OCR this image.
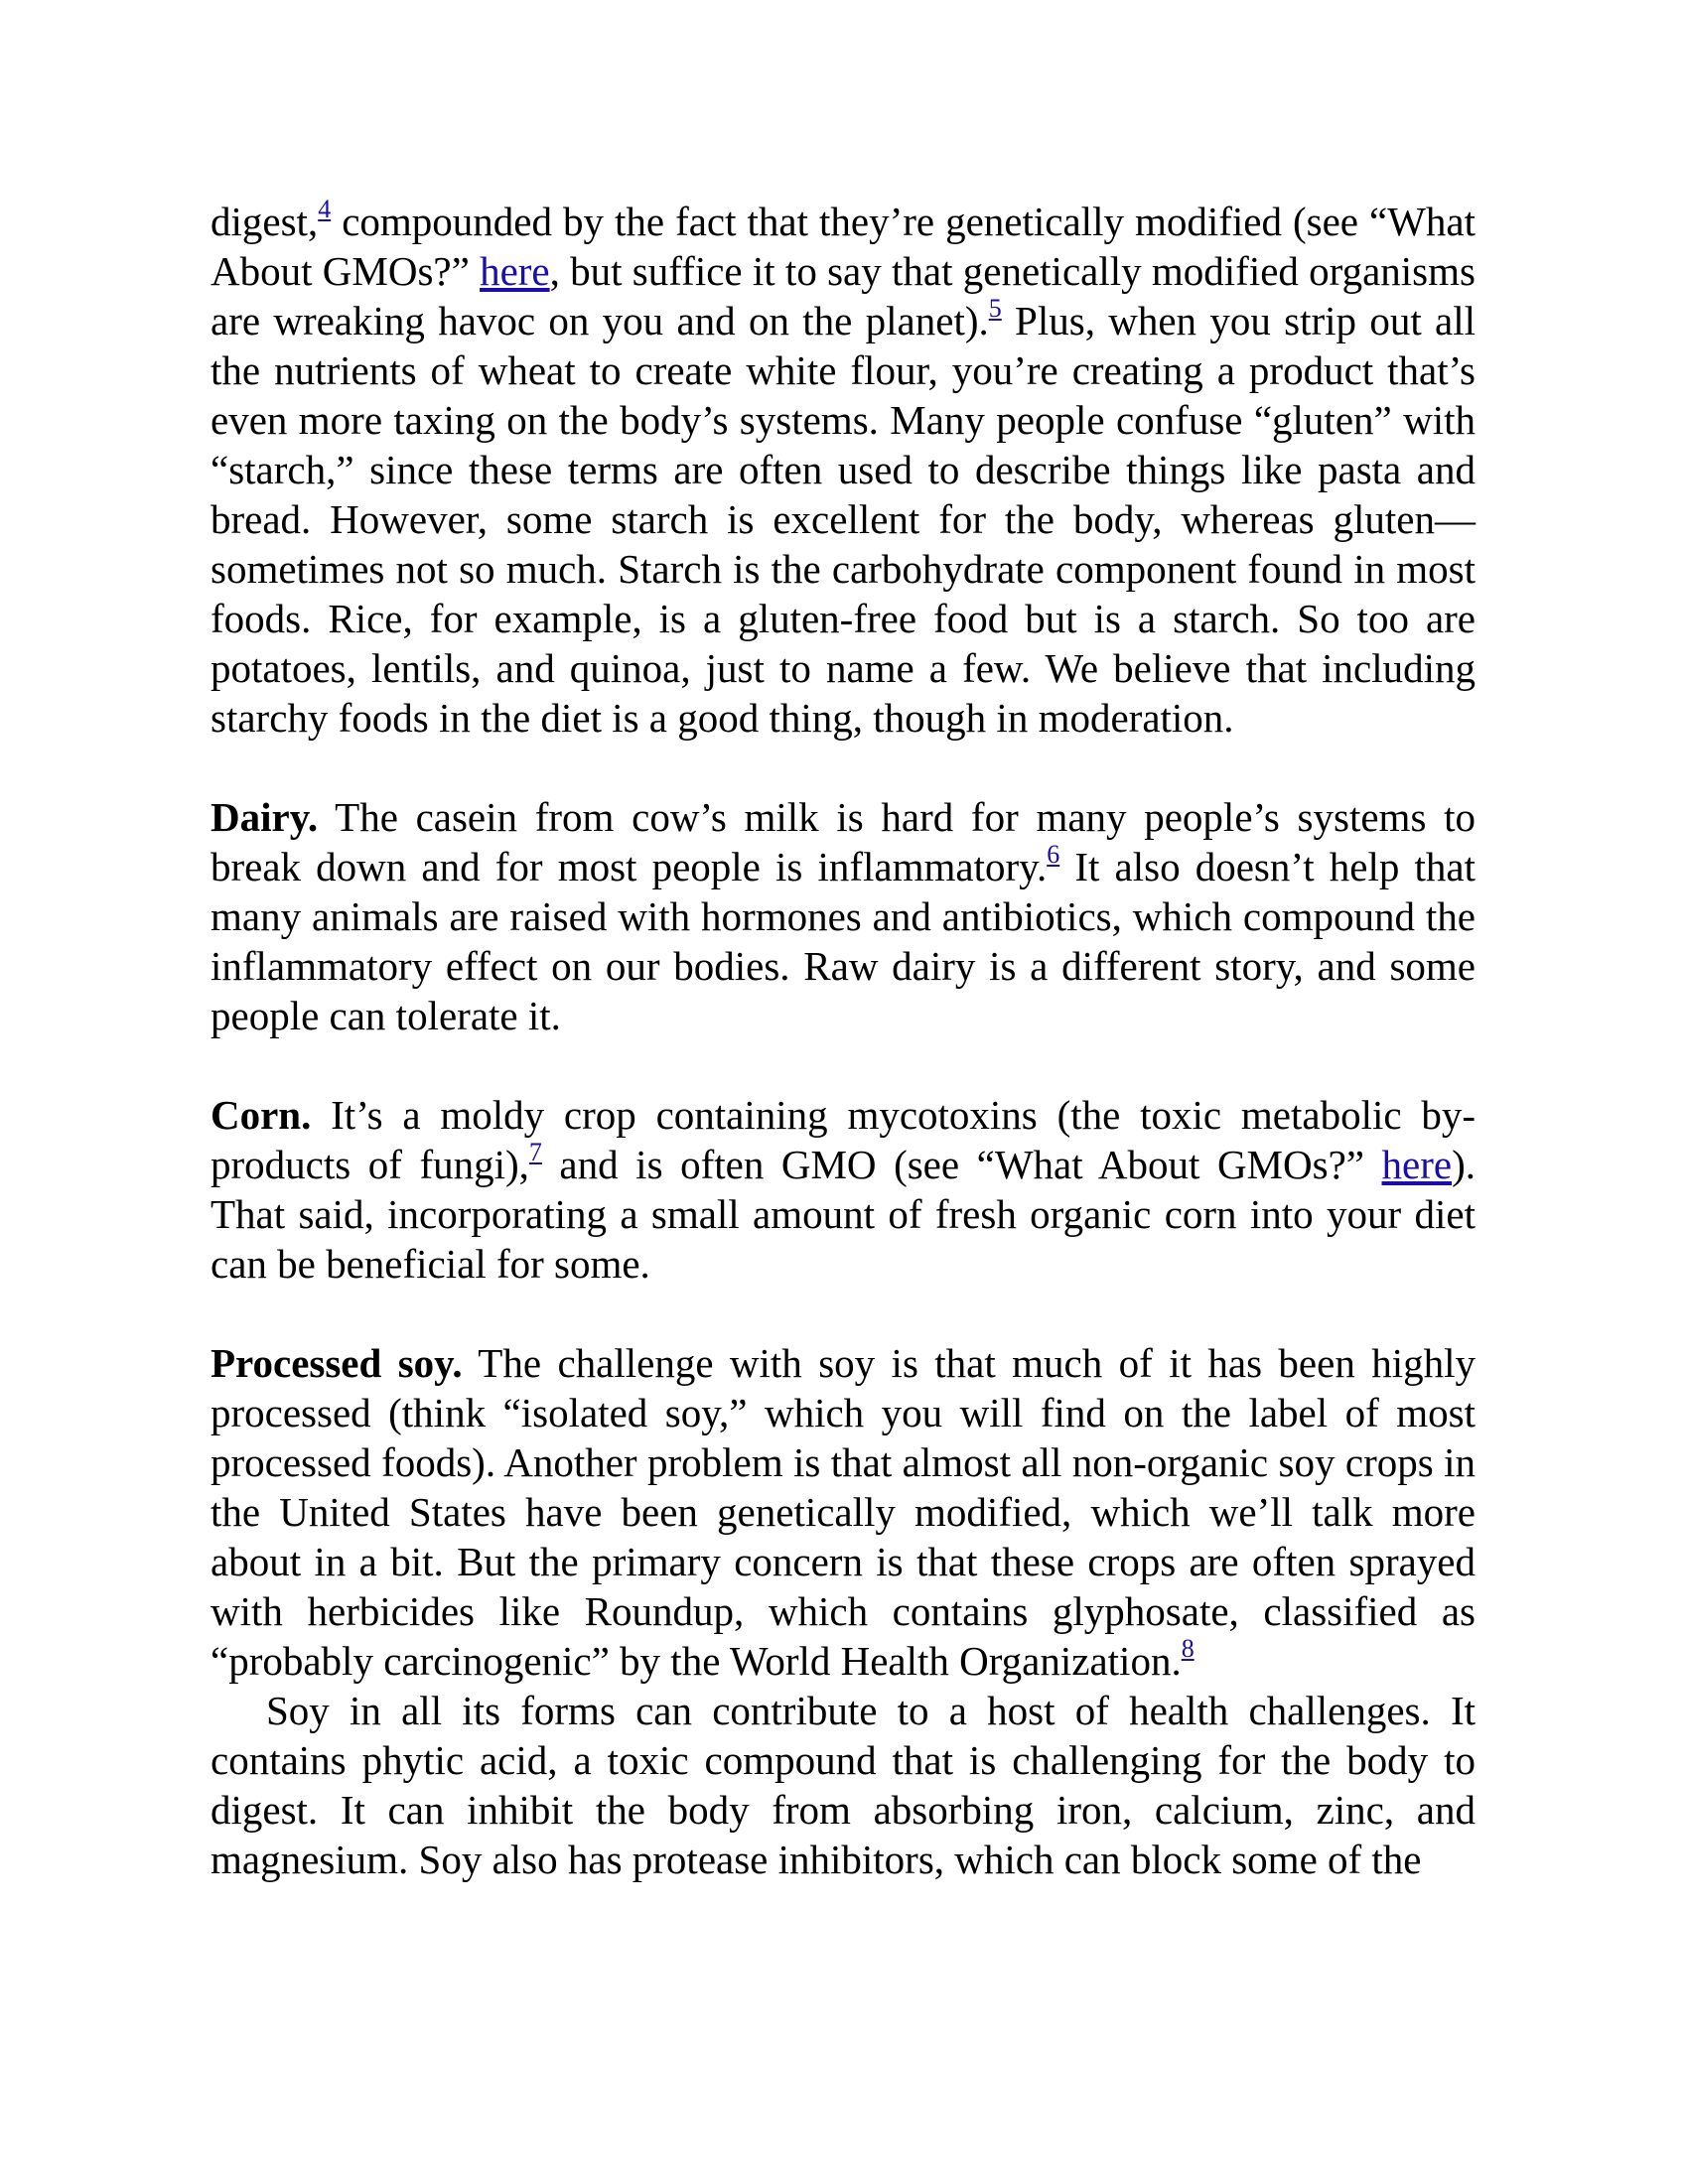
digest,$^4$ compounded by the fact that they’re genetically modified (see “What About GMOs?” here, but suffice it to say that genetically modified organisms are wreaking havoc on you and on the planet).$^5$ Plus, when you strip out all the nutrients of wheat to create white flour, you’re creating a product that’s even more taxing on the body’s systems. Many people confuse “gluten” with “starch,” since these terms are often used to describe things like pasta and bread. However, some starch is excellent for the body, whereas gluten—sometimes not so much. Starch is the carbohydrate component found in most foods. Rice, for example, is a gluten-free food but is a starch. So too are potatoes, lentils, and quinoa, just to name a few. We believe that including starchy foods in the diet is a good thing, though in moderation.

Dairy. The casein from cow’s milk is hard for many people’s systems to break down and for most people is inflammatory.$^6$ It also doesn’t help that many animals are raised with hormones and antibiotics, which compound the inflammatory effect on our bodies. Raw dairy is a different story, and some people can tolerate it.

Corn. It’s a moldy crop containing mycotoxins (the toxic metabolic by-products of fungi),$^7$ and is often GMO (see “What About GMOs?” here). That said, incorporating a small amount of fresh organic corn into your diet can be beneficial for some.

Processed soy. The challenge with soy is that much of it has been highly processed (think “isolated soy,” which you will find on the label of most processed foods). Another problem is that almost all non-organic soy crops in the United States have been genetically modified, which we’ll talk more about in a bit. But the primary concern is that these crops are often sprayed with herbicides like Roundup, which contains glyphosate, classified as “probably carcinogenic” by the World Health Organization.$^8$

Soy in all its forms can contribute to a host of health challenges. It contains phytic acid, a toxic compound that is challenging for the body to digest. It can inhibit the body from absorbing iron, calcium, zinc, and magnesium. Soy also has protease inhibitors, which can block some of the
